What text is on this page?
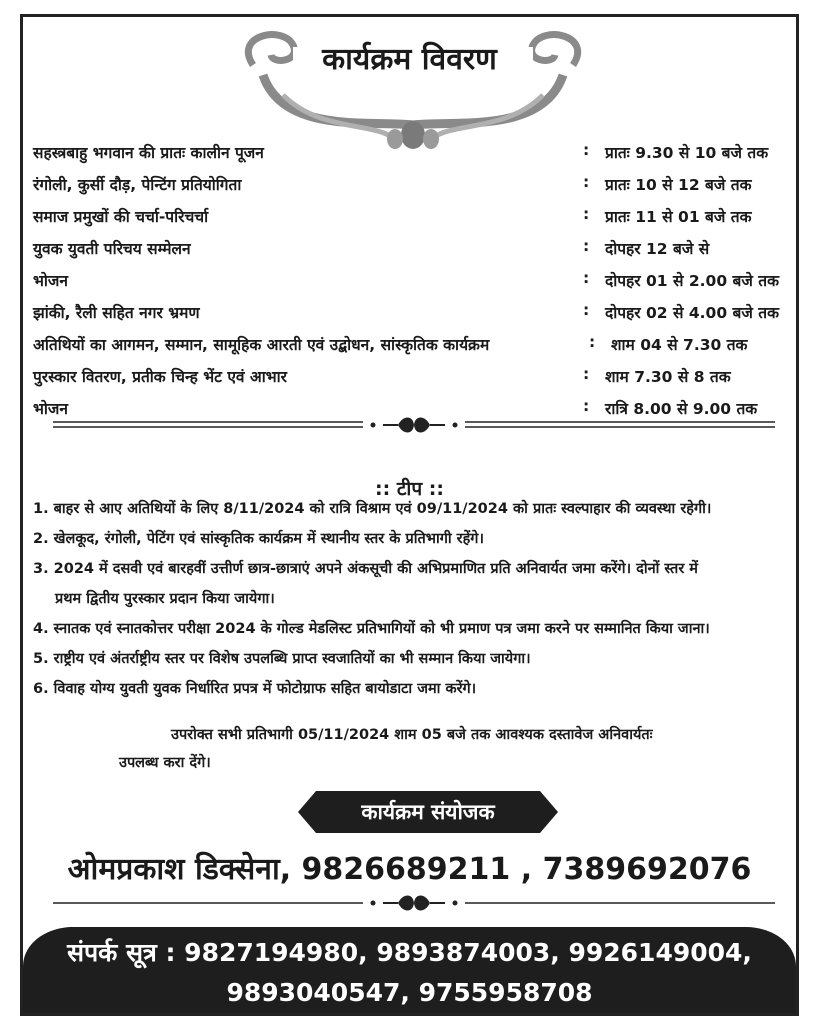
कार्यक्रम विवरण
सहस्त्रबाहु भगवान की प्रातः कालीन पूजन	: प्रातः 9.30 से 10 बजे तक
रंगोली, कुर्सी दौड़, पेन्टिंग प्रतियोगिता	: प्रातः 10 से 12 बजे तक
समाज प्रमुखों की चर्चा-परिचर्चा	: प्रातः 11 से 01 बजे तक
युवक युवती परिचय सम्मेलन	: दोपहर 12 बजे से
भोजन	: दोपहर 01 से 2.00 बजे तक
झांकी, रैली सहित नगर भ्रमण	: दोपहर 02 से 4.00 बजे तक
अतिथियों का आगमन, सम्मान, सामूहिक आरती एवं उद्बोधन, सांस्कृतिक कार्यक्रम	: शाम 04 से 7.30 तक
पुरस्कार वितरण, प्रतीक चिन्ह भेंट एवं आभार	: शाम 7.30 से 8 तक
भोजन	: रात्रि 8.00 से 9.00 तक
:: टीप ::
1. बाहर से आए अतिथियों के लिए 8/11/2024 को रात्रि विश्राम एवं 09/11/2024 को प्रातः स्वल्पाहार की व्यवस्था रहेगी।
2. खेलकूद, रंगोली, पेटिंग एवं सांस्कृतिक कार्यक्रम में स्थानीय स्तर के प्रतिभागी रहेंगे।
3. 2024 में दसवी एवं बारहवीं उत्तीर्ण छात्र-छात्राएं अपने अंकसूची की अभिप्रमाणित प्रति अनिवार्यत जमा करेंगे। दोनों स्तर में
प्रथम द्वितीय पुरस्कार प्रदान किया जायेगा।
4. स्नातक एवं स्नातकोत्तर परीक्षा 2024 के गोल्ड मेडलिस्ट प्रतिभागियों को भी प्रमाण पत्र जमा करने पर सम्मानित किया जाना।
5. राष्ट्रीय एवं अंतर्राष्ट्रीय स्तर पर विशेष उपलब्धि प्राप्त स्वजातियों का भी सम्मान किया जायेगा।
6. विवाह योग्य युवती युवक निर्धारित प्रपत्र में फोटोग्राफ सहित बायोडाटा जमा करेंगे।
उपरोक्त सभी प्रतिभागी 05/11/2024 शाम 05 बजे तक आवश्यक दस्तावेज अनिवार्यतः
उपलब्ध करा देंगे।
कार्यक्रम संयोजक
ओमप्रकाश डिक्सेना, 9826689211 , 7389692076
संपर्क सूत्र : 9827194980, 9893874003, 9926149004,
9893040547, 9755958708
